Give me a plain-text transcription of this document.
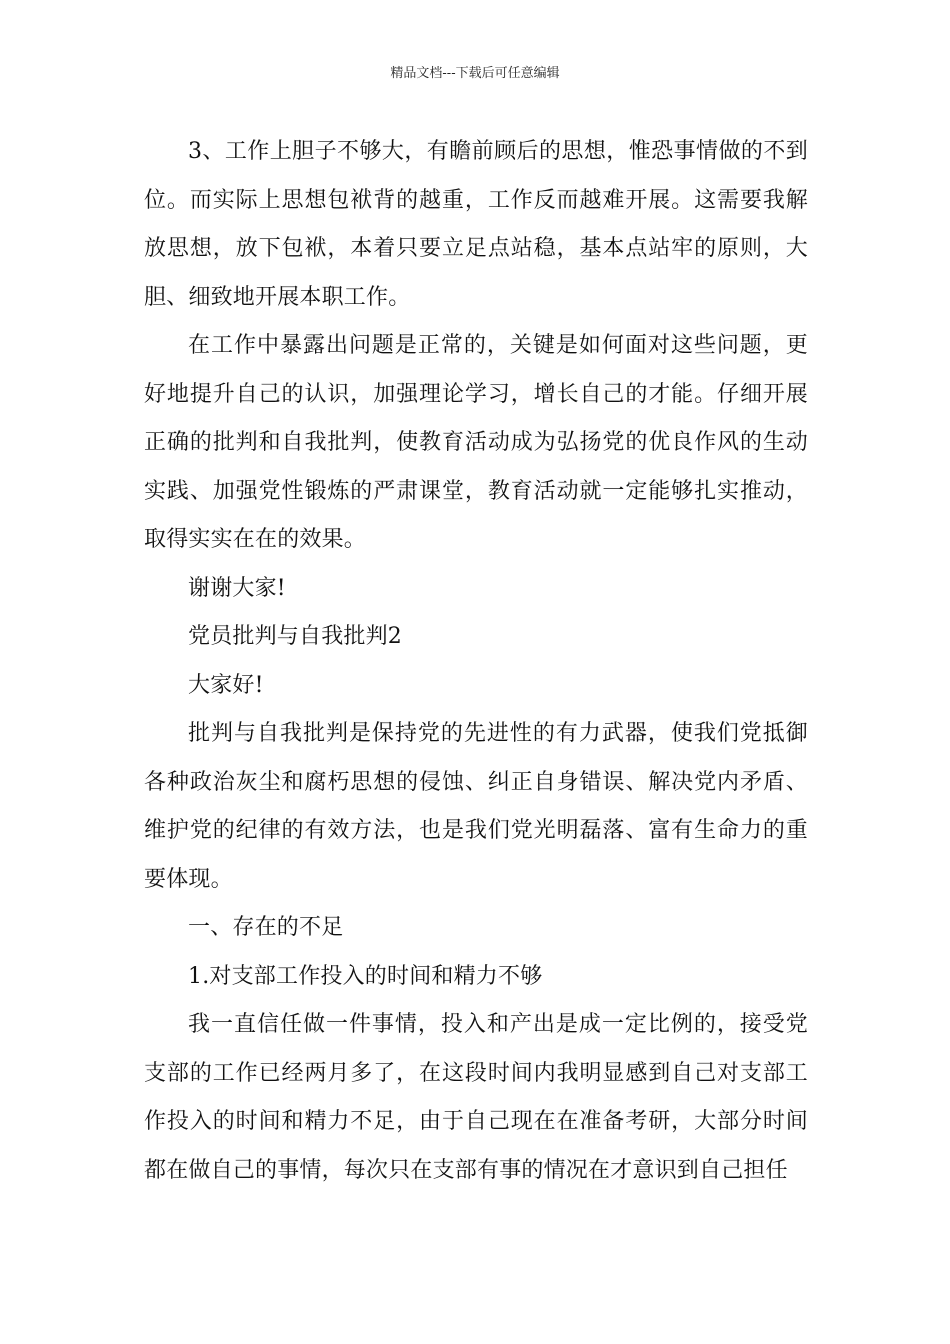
精品文档---下载后可任意编辑

3、工作上胆子不够大，有瞻前顾后的思想，惟恐事情做的不到位。而实际上思想包袱背的越重，工作反而越难开展。这需要我解放思想，放下包袱，本着只要立足点站稳，基本点站牢的原则，大胆、细致地开展本职工作。

在工作中暴露出问题是正常的，关键是如何面对这些问题，更好地提升自己的认识，加强理论学习，增长自己的才能。仔细开展正确的批判和自我批判，使教育活动成为弘扬党的优良作风的生动实践、加强党性锻炼的严肃课堂，教育活动就一定能够扎实推动，取得实实在在的效果。

谢谢大家!

党员批判与自我批判2

大家好!

批判与自我批判是保持党的先进性的有力武器，使我们党抵御各种政治灰尘和腐朽思想的侵蚀、纠正自身错误、解决党内矛盾、维护党的纪律的有效方法，也是我们党光明磊落、富有生命力的重要体现。

一、存在的不足

1.对支部工作投入的时间和精力不够

我一直信任做一件事情，投入和产出是成一定比例的，接受党支部的工作已经两月多了，在这段时间内我明显感到自己对支部工作投入的时间和精力不足，由于自己现在在准备考研，大部分时间都在做自己的事情，每次只在支部有事的情况在才意识到自己担任
